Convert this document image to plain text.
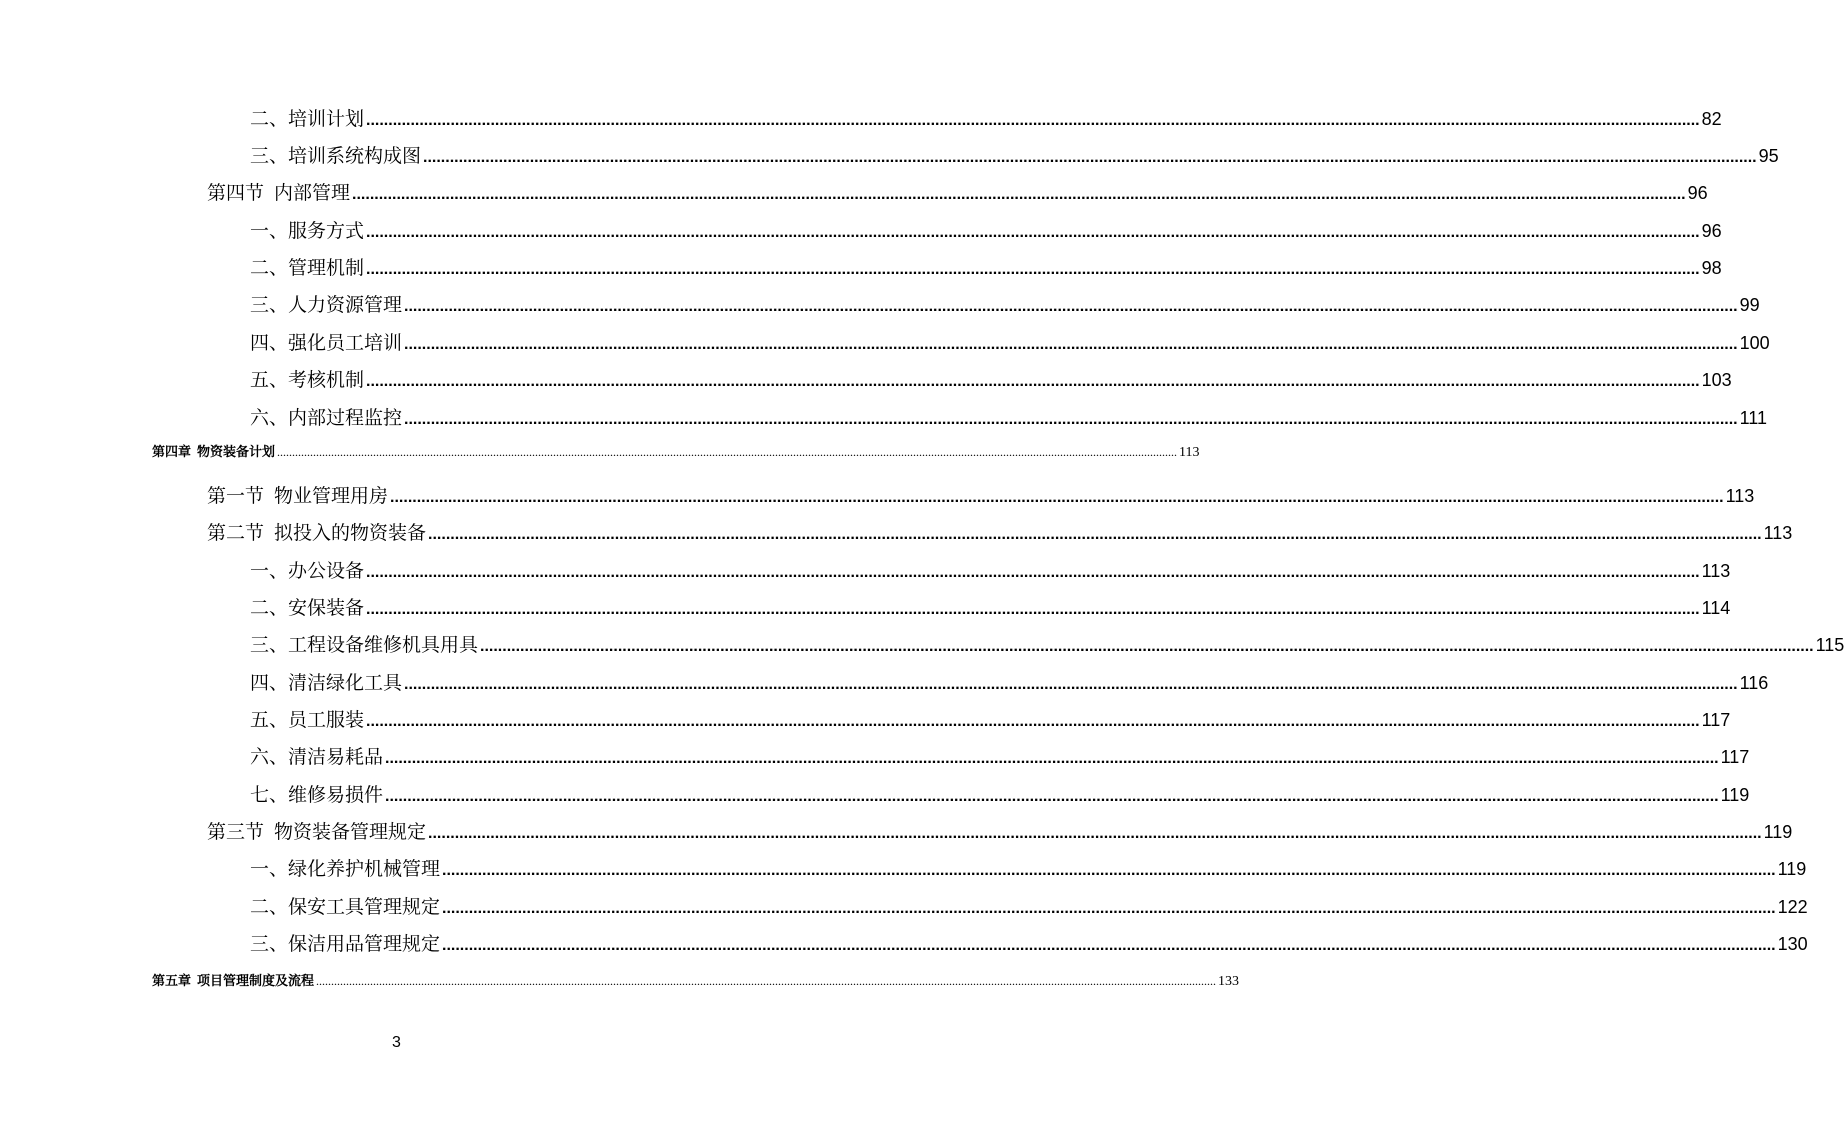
二、培训计划 ............................................................................................................................................................................................................................................................................................................ 82
三、培训系统构成图 ............................................................................................................................................................................................................................................................................................................ 95
第四节 内部管理 ............................................................................................................................................................................................................................................................................................................ 96
一、服务方式 ............................................................................................................................................................................................................................................................................................................ 96
二、管理机制 ............................................................................................................................................................................................................................................................................................................ 98
三、人力资源管理 ............................................................................................................................................................................................................................................................................................................ 99
四、强化员工培训 ............................................................................................................................................................................................................................................................................................................ 100
五、考核机制 ............................................................................................................................................................................................................................................................................................................ 103
六、内部过程监控 ............................................................................................................................................................................................................................................................................................................ 111
第四章 物资装备计划 ............................................................................................................................................................................................................................................................................................................ 113
第一节 物业管理用房 ............................................................................................................................................................................................................................................................................................................ 113
第二节 拟投入的物资装备 ............................................................................................................................................................................................................................................................................................................ 113
一、办公设备 ............................................................................................................................................................................................................................................................................................................ 113
二、安保装备 ............................................................................................................................................................................................................................................................................................................ 114
三、工程设备维修机具用具 ............................................................................................................................................................................................................................................................................................................ 115
四、清洁绿化工具 ............................................................................................................................................................................................................................................................................................................ 116
五、员工服装 ............................................................................................................................................................................................................................................................................................................ 117
六、清洁易耗品 ............................................................................................................................................................................................................................................................................................................ 117
七、维修易损件 ............................................................................................................................................................................................................................................................................................................ 119
第三节 物资装备管理规定 ............................................................................................................................................................................................................................................................................................................ 119
一、绿化养护机械管理 ............................................................................................................................................................................................................................................................................................................ 119
二、保安工具管理规定 ............................................................................................................................................................................................................................................................................................................ 122
三、保洁用品管理规定 ............................................................................................................................................................................................................................................................................................................ 130
第五章 项目管理制度及流程 ............................................................................................................................................................................................................................................................................................................ 133
3
